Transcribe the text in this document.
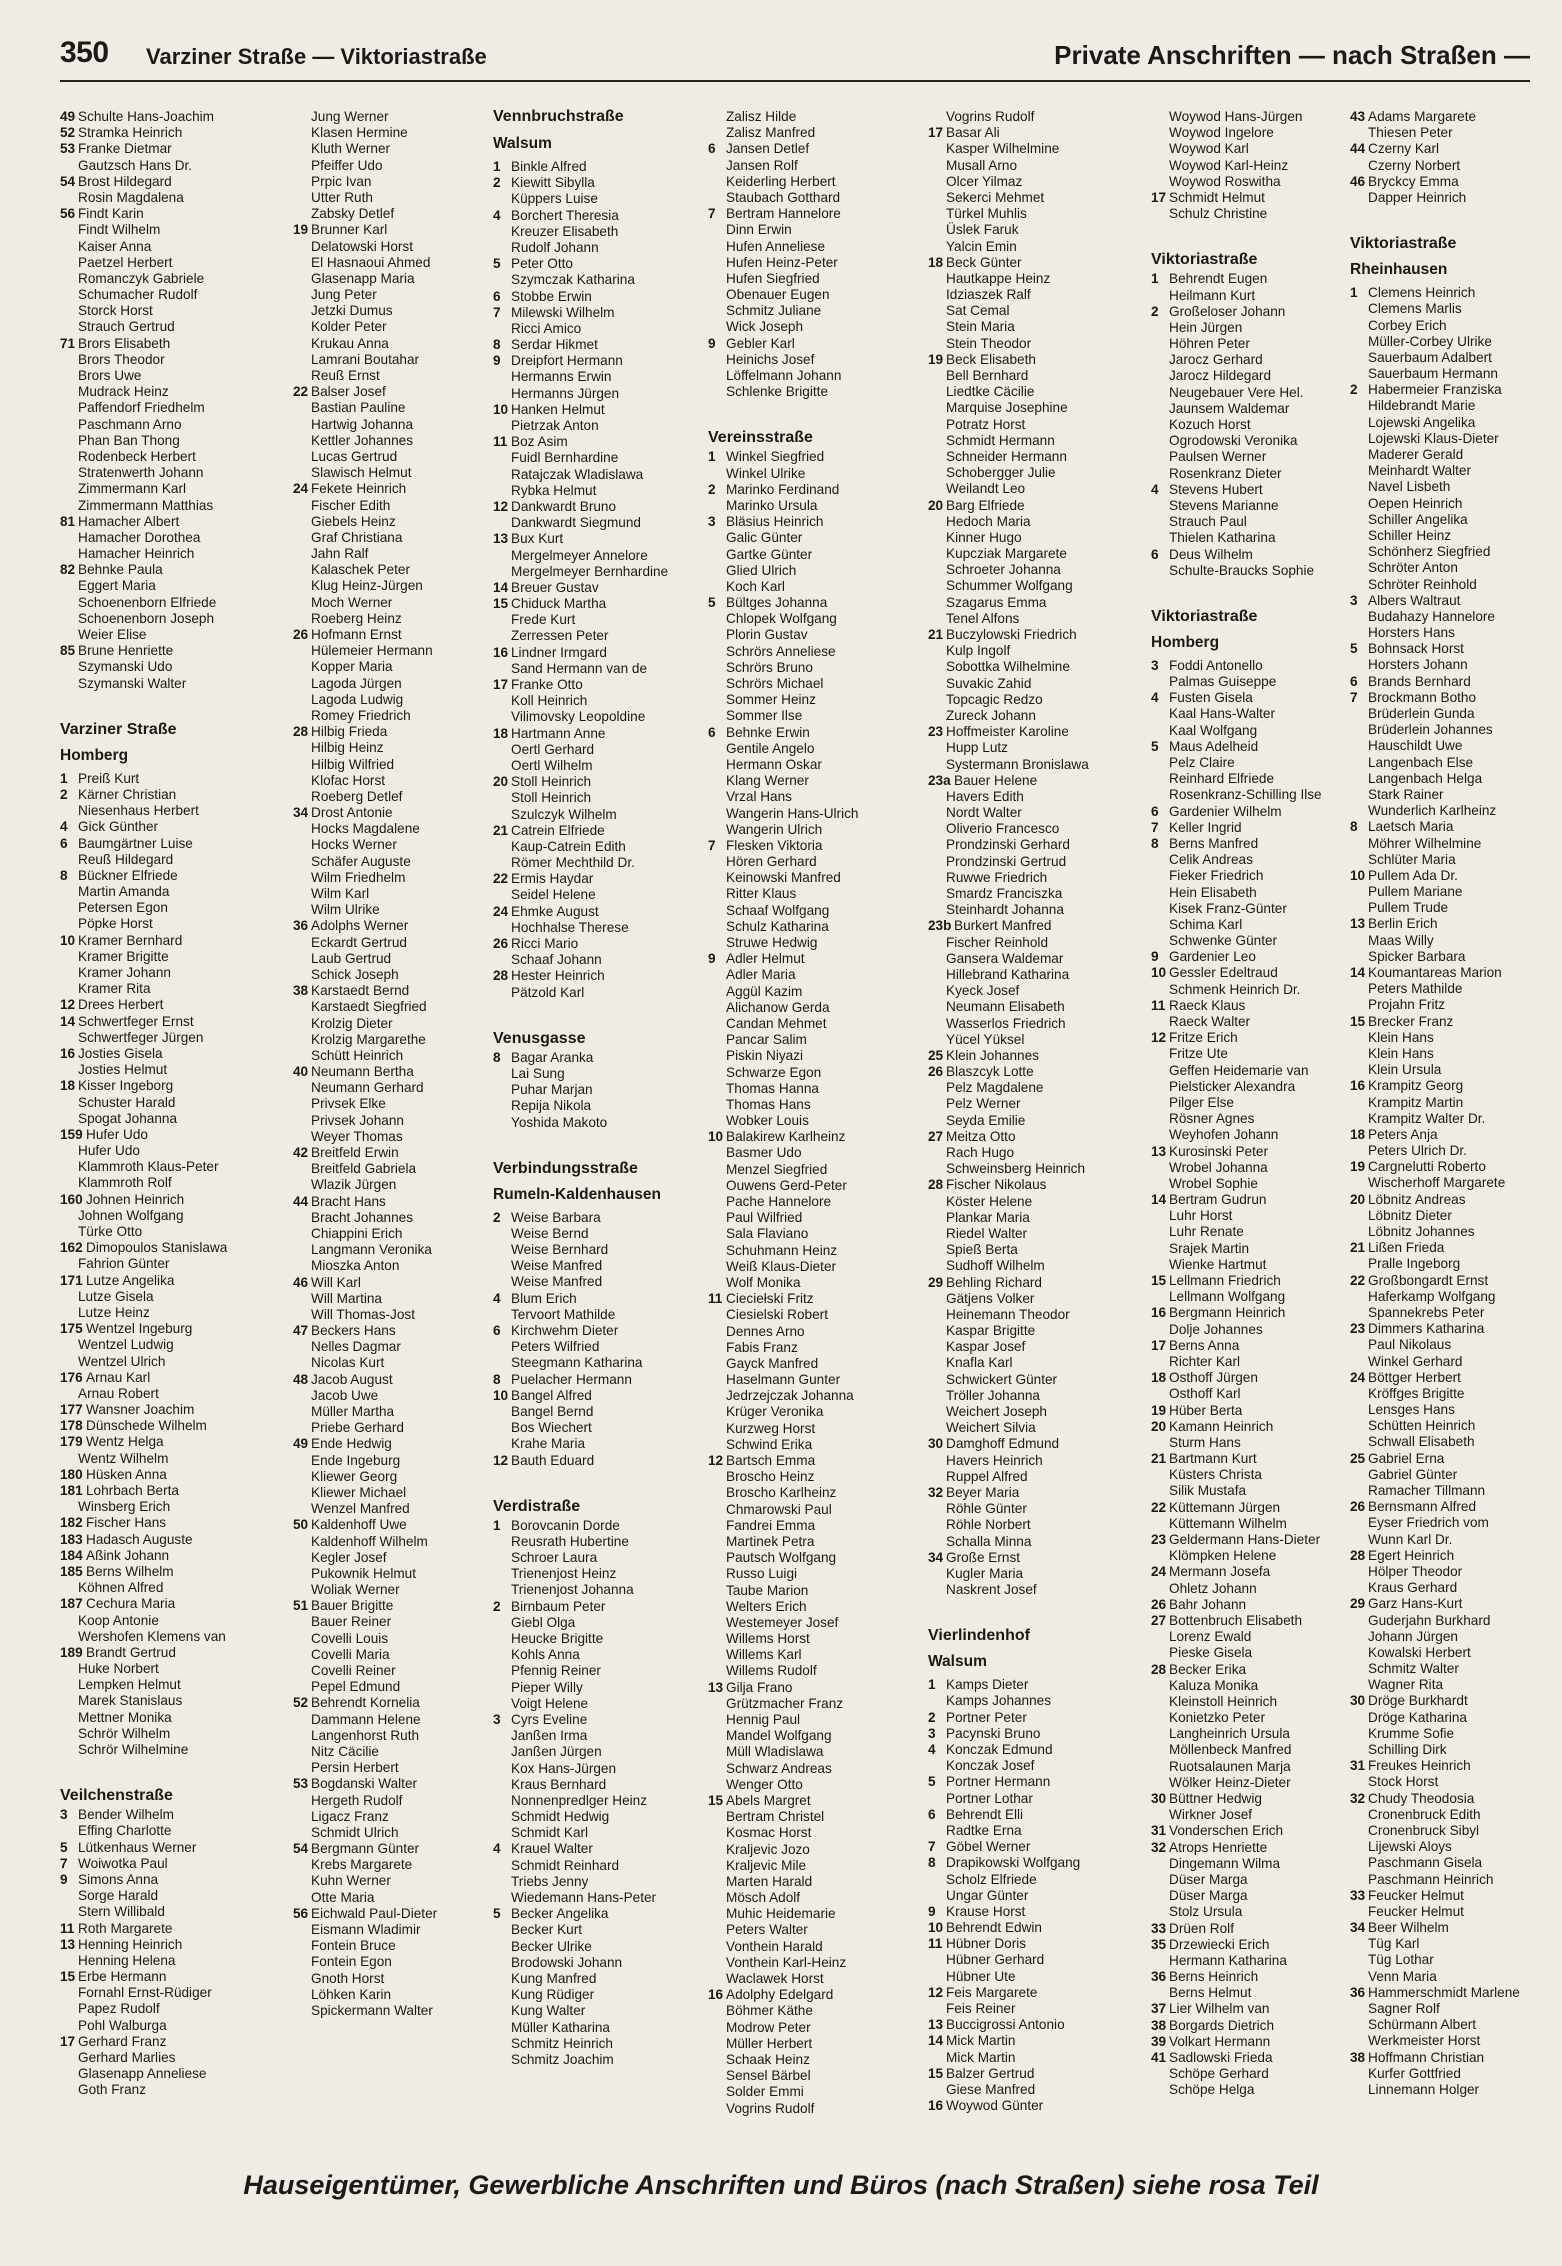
350 Varziner Straße — Viktoriastraße	Private Anschriften — nach Straßen —
49 Schulte Hans-Joachim
52 Stramka Heinrich
53 Franke Dietmar
Gautzsch Hans Dr.
54 Brost Hildegard
Rosin Magdalena
56 Findt Karin
Findt Wilhelm
Kaiser Anna
Paetzel Herbert
Romanczyk Gabriele
Schumacher Rudolf
Storck Horst
Strauch Gertrud
71 Brors Elisabeth
Brors Theodor
Brors Uwe
Mudrack Heinz
Paffendorf Friedhelm
Paschmann Arno
Phan Ban Thong
Rodenbeck Herbert
Stratenwerth Johann
Zimmermann Karl
Zimmermann Matthias
81 Hamacher Albert
Hamacher Dorothea
Hamacher Heinrich
82 Behnke Paula
Eggert Maria
Schoenenborn Elfriede
Schoenenborn Joseph
Weier Elise
85 Brune Henriette
Szymanski Udo
Szymanski Walter
Varziner Straße
Homberg
1 Preiß Kurt
2 Kärner Christian
Niesenhaus Herbert
4 Gick Günther
6 Baumgärtner Luise
Reuß Hildegard
8 Bückner Elfriede
Martin Amanda
Petersen Egon
Pöpke Horst
10 Kramer Bernhard
Kramer Brigitte
Kramer Johann
Kramer Rita
12 Drees Herbert
14 Schwertfeger Ernst
Schwertfeger Jürgen
16 Josties Gisela
Josties Helmut
18 Kisser Ingeborg
Schuster Harald
Spogat Johanna
159 Hufer Udo
Hufer Udo
Klammroth Klaus-Peter
Klammroth Rolf
160 Johnen Heinrich
Johnen Wolfgang
Türke Otto
162 Dimopoulos Stanislawa
Fahrion Günter
171 Lutze Angelika
Lutze Gisela
Lutze Heinz
175 Wentzel Ingeburg
Wentzel Ludwig
Wentzel Ulrich
176 Arnau Karl
Arnau Robert
177 Wansner Joachim
178 Dünschede Wilhelm
179 Wentz Helga
Wentz Wilhelm
180 Hüsken Anna
181 Lohrbach Berta
Winsberg Erich
182 Fischer Hans
183 Hadasch Auguste
184 Aßink Johann
185 Berns Wilhelm
Köhnen Alfred
187 Cechura Maria
Koop Antonie
Wershofen Klemens van
189 Brandt Gertrud
Huke Norbert
Lempken Helmut
Marek Stanislaus
Mettner Monika
Schrör Wilhelm
Schrör Wilhelmine
Veilchenstraße
3 Bender Wilhelm
Effing Charlotte
5 Lütkenhaus Werner
7 Woiwotka Paul
9 Simons Anna
Sorge Harald
Stern Willibald
11 Roth Margarete
13 Henning Heinrich
Henning Helena
15 Erbe Hermann
Fornahl Ernst-Rüdiger
Papez Rudolf
Pohl Walburga
17 Gerhard Franz
Gerhard Marlies
Glasenapp Anneliese
Goth Franz
Jung Werner
Klasen Hermine
Kluth Werner
Pfeiffer Udo
Prpic Ivan
Utter Ruth
Zabsky Detlef
19 Brunner Karl
Delatowski Horst
El Hasnaoui Ahmed
Glasenapp Maria
Jung Peter
Jetzki Dumus
Kolder Peter
Krukau Anna
Lamrani Boutahar
Reuß Ernst
22 Balser Josef
Bastian Pauline
Hartwig Johanna
Kettler Johannes
Lucas Gertrud
Slawisch Helmut
24 Fekete Heinrich
Fischer Edith
Giebels Heinz
Graf Christiana
Jahn Ralf
Kalaschek Peter
Klug Heinz-Jürgen
Moch Werner
Roeberg Heinz
26 Hofmann Ernst
Hülemeier Hermann
Kopper Maria
Lagoda Jürgen
Lagoda Ludwig
Romey Friedrich
28 Hilbig Frieda
Hilbig Heinz
Hilbig Wilfried
Klofac Horst
Roeberg Detlef
34 Drost Antonie
Hocks Magdalene
Hocks Werner
Schäfer Auguste
Wilm Friedhelm
Wilm Karl
Wilm Ulrike
36 Adolphs Werner
Eckardt Gertrud
Laub Gertrud
Schick Joseph
38 Karstaedt Bernd
Karstaedt Siegfried
Krolzig Dieter
Krolzig Margarethe
Schütt Heinrich
40 Neumann Bertha
Neumann Gerhard
Privsek Elke
Privsek Johann
Weyer Thomas
42 Breitfeld Erwin
Breitfeld Gabriela
Wlazik Jürgen
44 Bracht Hans
Bracht Johannes
Chiappini Erich
Langmann Veronika
Mioszka Anton
46 Will Karl
Will Martina
Will Thomas-Jost
47 Beckers Hans
Nelles Dagmar
Nicolas Kurt
48 Jacob August
Jacob Uwe
Müller Martha
Priebe Gerhard
49 Ende Hedwig
Ende Ingeburg
Kliewer Georg
Kliewer Michael
Wenzel Manfred
50 Kaldenhoff Uwe
Kaldenhoff Wilhelm
Kegler Josef
Pukownik Helmut
Woliak Werner
51 Bauer Brigitte
Bauer Reiner
Covelli Louis
Covelli Maria
Covelli Reiner
Pepel Edmund
52 Behrendt Kornelia
Dammann Helene
Langenhorst Ruth
Nitz Cäcilie
Persin Herbert
53 Bogdanski Walter
Hergeth Rudolf
Ligacz Franz
Schmidt Ulrich
54 Bergmann Günter
Krebs Margarete
Kuhn Werner
Otte Maria
56 Eichwald Paul-Dieter
Eismann Wladimir
Fontein Bruce
Fontein Egon
Gnoth Horst
Löhken Karin
Spickermann Walter
Vennbruchstraße
Walsum
1 Binkle Alfred
2 Kiewitt Sibylla
Küppers Luise
4 Borchert Theresia
Kreuzer Elisabeth
Rudolf Johann
5 Peter Otto
Szymczak Katharina
6 Stobbe Erwin
7 Milewski Wilhelm
Ricci Amico
8 Serdar Hikmet
9 Dreipfort Hermann
Hermanns Erwin
Hermanns Jürgen
10 Hanken Helmut
Pietrzak Anton
11 Boz Asim
Fuidl Bernhardine
Ratajczak Wladislawa
Rybka Helmut
12 Dankwardt Bruno
Dankwardt Siegmund
13 Bux Kurt
Mergelmeyer Annelore
Mergelmeyer Bernhardine
14 Breuer Gustav
15 Chiduck Martha
Frede Kurt
Zerressen Peter
16 Lindner Irmgard
Sand Hermann van de
17 Franke Otto
Koll Heinrich
Vilimovsky Leopoldine
18 Hartmann Anne
Oertl Gerhard
Oertl Wilhelm
20 Stoll Heinrich
Stoll Heinrich
Szulczyk Wilhelm
21 Catrein Elfriede
Kaup-Catrein Edith
Römer Mechthild Dr.
22 Ermis Haydar
Seidel Helene
24 Ehmke August
Hochhalse Therese
26 Ricci Mario
Schaaf Johann
28 Hester Heinrich
Pätzold Karl
Venusgasse
8 Bagar Aranka
Lai Sung
Puhar Marjan
Repija Nikola
Yoshida Makoto
Verbindungsstraße
Rumeln-Kaldenhausen
2 Weise Barbara
Weise Bernd
Weise Bernhard
Weise Manfred
Weise Manfred
4 Blum Erich
Tervoort Mathilde
6 Kirchwehm Dieter
Peters Wilfried
Steegmann Katharina
8 Puelacher Hermann
10 Bangel Alfred
Bangel Bernd
Bos Wiechert
Krahe Maria
12 Bauth Eduard
Verdistraße
1 Borovcanin Dorde
Reusrath Hubertine
Schroer Laura
Trienenjost Heinz
Trienenjost Johanna
2 Birnbaum Peter
Giebl Olga
Heucke Brigitte
Kohls Anna
Pfennig Reiner
Pieper Willy
Voigt Helene
3 Cyrs Eveline
Janßen Irma
Janßen Jürgen
Kox Hans-Jürgen
Kraus Bernhard
Nonnenpredlger Heinz
Schmidt Hedwig
Schmidt Karl
4 Krauel Walter
Schmidt Reinhard
Triebs Jenny
Wiedemann Hans-Peter
5 Becker Angelika
Becker Kurt
Becker Ulrike
Brodowski Johann
Kung Manfred
Kung Rüdiger
Kung Walter
Müller Katharina
Schmitz Heinrich
Schmitz Joachim
Zalisz Hilde
Zalisz Manfred
6 Jansen Detlef
Jansen Rolf
Keiderling Herbert
Staubach Gotthard
7 Bertram Hannelore
Dinn Erwin
Hufen Anneliese
Hufen Heinz-Peter
Hufen Siegfried
Obenauer Eugen
Schmitz Juliane
Wick Joseph
9 Gebler Karl
Heinichs Josef
Löffelmann Johann
Schlenke Brigitte
Vereinsstraße
1 Winkel Siegfried
Winkel Ulrike
2 Marinko Ferdinand
Marinko Ursula
3 Bläsius Heinrich
Galic Günter
Gartke Günter
Glied Ulrich
Koch Karl
5 Bültges Johanna
Chlopek Wolfgang
Plorin Gustav
Schrörs Anneliese
Schrörs Bruno
Schrörs Michael
Sommer Heinz
Sommer Ilse
6 Behnke Erwin
Gentile Angelo
Hermann Oskar
Klang Werner
Vrzal Hans
Wangerin Hans-Ulrich
Wangerin Ulrich
7 Flesken Viktoria
Hören Gerhard
Keinowski Manfred
Ritter Klaus
Schaaf Wolfgang
Schulz Katharina
Struwe Hedwig
9 Adler Helmut
Adler Maria
Aggül Kazim
Alichanow Gerda
Candan Mehmet
Pancar Salim
Piskin Niyazi
Schwarze Egon
Thomas Hanna
Thomas Hans
Wobker Louis
10 Balakirew Karlheinz
Basmer Udo
Menzel Siegfried
Ouwens Gerd-Peter
Pache Hannelore
Paul Wilfried
Sala Flaviano
Schuhmann Heinz
Weiß Klaus-Dieter
Wolf Monika
11 Cieciełski Fritz
Ciesielski Robert
Dennes Arno
Fabis Franz
Gayck Manfred
Haselmann Gunter
Jedrzejczak Johanna
Krüger Veronika
Kurzweg Horst
Schwind Erika
12 Bartsch Emma
Broscho Heinz
Broscho Karlheinz
Chmarowski Paul
Fandrei Emma
Martinek Petra
Pautsch Wolfgang
Russo Luigi
Taube Marion
Welters Erich
Westemeyer Josef
Willems Horst
Willems Karl
Willems Rudolf
13 Gilja Frano
Grützmacher Franz
Hennig Paul
Mandel Wolfgang
Müll Wladislawa
Schwarz Andreas
Wenger Otto
15 Abels Margret
Bertram Christel
Kosmac Horst
Kraljevic Jozo
Kraljevic Mile
Marten Harald
Mösch Adolf
Muhic Heidemarie
Peters Walter
Vonthein Harald
Vonthein Karl-Heinz
Waclawek Horst
16 Adolphy Edelgard
Böhmer Käthe
Modrow Peter
Müller Herbert
Schaak Heinz
Sensel Bärbel
Solder Emmi
Vogrins Rudolf
Vogrins Rudolf
17 Basar Ali
Kasper Wilhelmine
Musall Arno
Olcer Yilmaz
Sekerci Mehmet
Türkel Muhlis
Üslek Faruk
Yalcin Emin
18 Beck Günter
Hautkappe Heinz
Idziaszek Ralf
Sat Cemal
Stein Maria
Stein Theodor
19 Beck Elisabeth
Bell Bernhard
Liedtke Cäcilie
Marquise Josephine
Potratz Horst
Schmidt Hermann
Schneider Hermann
Schobergger Julie
Weilandt Leo
20 Barg Elfriede
Hedoch Maria
Kinner Hugo
Kupcziak Margarete
Schroeter Johanna
Schummer Wolfgang
Szagarus Emma
Tenel Alfons
21 Buczylowski Friedrich
Kulp Ingolf
Sobottka Wilhelmine
Suvakic Zahid
Topcagic Redzo
Zureck Johann
23 Hoffmeister Karoline
Hupp Lutz
Systermann Bronislawa
23a Bauer Helene
Havers Edith
Nordt Walter
Oliverio Francesco
Prondzinski Gerhard
Prondzinski Gertrud
Ruwwe Friedrich
Smardz Franciszka
Steinhardt Johanna
23b Burkert Manfred
Fischer Reinhold
Gansera Waldemar
Hillebrand Katharina
Kyeck Josef
Neumann Elisabeth
Wasserlos Friedrich
Yücel Yüksel
25 Klein Johannes
26 Blaszcyk Lotte
Pelz Magdalene
Pelz Werner
Seyda Emilie
27 Meitza Otto
Rach Hugo
Schweinsberg Heinrich
28 Fischer Nikolaus
Köster Helene
Plankar Maria
Riedel Walter
Spieß Berta
Sudhoff Wilhelm
29 Behling Richard
Gätjens Volker
Heinemann Theodor
Kaspar Brigitte
Kaspar Josef
Knafla Karl
Schwickert Günter
Tröller Johanna
Weichert Joseph
Weichert Silvia
30 Damghoff Edmund
Havers Heinrich
Ruppel Alfred
32 Beyer Maria
Röhle Günter
Röhle Norbert
Schalla Minna
34 Große Ernst
Kugler Maria
Naskrent Josef
Vierlindenhof
Walsum
1 Kamps Dieter
Kamps Johannes
2 Portner Peter
3 Pacynski Bruno
4 Konczak Edmund
Konczak Josef
5 Portner Hermann
Portner Lothar
6 Behrendt Elli
Radtke Erna
7 Göbel Werner
8 Drapikowski Wolfgang
Scholz Elfriede
Ungar Günter
9 Krause Horst
10 Behrendt Edwin
11 Hübner Doris
Hübner Gerhard
Hübner Ute
12 Feis Margarete
Feis Reiner
13 Buccigrossi Antonio
14 Mick Martin
Mick Martin
15 Balzer Gertrud
Giese Manfred
16 Woywod Günter
Woywod Hans-Jürgen
Woywod Ingelore
Woywod Karl
Woywod Karl-Heinz
Woywod Roswitha
17 Schmidt Helmut
Schulz Christine
Viktoriastraße
1 Behrendt Eugen
Heilmann Kurt
2 Großeloser Johann
Hein Jürgen
Höhren Peter
Jarocz Gerhard
Jarocz Hildegard
Neugebauer Vere Hel.
Jaunsem Waldemar
Kozuch Horst
Ogrodowski Veronika
Paulsen Werner
Rosenkranz Dieter
4 Stevens Hubert
Stevens Marianne
Strauch Paul
Thielen Katharina
6 Deus Wilhelm
Schulte-Braucks Sophie
Viktoriastraße
Homberg
3 Foddi Antonello
Palmas Guiseppe
4 Fusten Gisela
Kaal Hans-Walter
Kaal Wolfgang
5 Maus Adelheid
Pelz Claire
Reinhard Elfriede
Rosenkranz-Schilling Ilse
6 Gardenier Wilhelm
7 Keller Ingrid
8 Berns Manfred
Celik Andreas
Fieker Friedrich
Hein Elisabeth
Kisek Franz-Günter
Schima Karl
Schwenke Günter
9 Gardenier Leo
10 Gessler Edeltraud
Schmenk Heinrich Dr.
11 Raeck Klaus
Raeck Walter
12 Fritze Erich
Fritze Ute
Geffen Heidemarie van
Pielsticker Alexandra
Pilger Else
Rösner Agnes
Weyhofen Johann
13 Kurosinski Peter
Wrobel Johanna
Wrobel Sophie
14 Bertram Gudrun
Luhr Horst
Luhr Renate
Srajek Martin
Wienke Hartmut
15 Lellmann Friedrich
Lellmann Wolfgang
16 Bergmann Heinrich
Dolje Johannes
17 Berns Anna
Richter Karl
18 Osthoff Jürgen
Osthoff Karl
19 Hüber Berta
20 Kamann Heinrich
Sturm Hans
21 Bartmann Kurt
Küsters Christa
Silik Mustafa
22 Küttemann Jürgen
Küttemann Wilhelm
23 Geldermann Hans-Dieter
Klömpken Helene
24 Mermann Josefa
Ohletz Johann
26 Bahr Johann
27 Bottenbruch Elisabeth
Lorenz Ewald
Pieske Gisela
28 Becker Erika
Kaluza Monika
Kleinstoll Heinrich
Konietzko Peter
Langheinrich Ursula
Möllenbeck Manfred
Ruotsalaunen Marja
Wölker Heinz-Dieter
30 Büttner Hedwig
Wirkner Josef
31 Vonderschen Erich
32 Atrops Henriette
Dingemann Wilma
Düser Marga
Düser Marga
Stolz Ursula
33 Drüen Rolf
35 Drzewiecki Erich
Hermann Katharina
36 Berns Heinrich
Berns Helmut
37 Lier Wilhelm van
38 Borgards Dietrich
39 Volkart Hermann
41 Sadlowski Frieda
Schöpe Gerhard
Schöpe Helga
43 Adams Margarete
Thiesen Peter
44 Czerny Karl
Czerny Norbert
46 Bryckcy Emma
Dapper Heinrich
Viktoriastraße
Rheinhausen
1 Clemens Heinrich
Clemens Marlis
Corbey Erich
Müller-Corbey Ulrike
Sauerbaum Adalbert
Sauerbaum Hermann
2 Habermeier Franziska
Hildebrandt Marie
Lojewski Angelika
Lojewski Klaus-Dieter
Maderer Gerald
Meinhardt Walter
Navel Lisbeth
Oepen Heinrich
Schiller Angelika
Schiller Heinz
Schönherz Siegfried
Schröter Anton
Schröter Reinhold
3 Albers Waltraut
Budahazy Hannelore
Horsters Hans
5 Bohnsack Horst
Horsters Johann
6 Brands Bernhard
7 Brockmann Botho
Brüderlein Gunda
Brüderlein Johannes
Hauschildt Uwe
Langenbach Else
Langenbach Helga
Stark Rainer
Wunderlich Karlheinz
8 Laetsch Maria
Möhrer Wilhelmine
Schlüter Maria
10 Pullem Ada Dr.
Pullem Mariane
Pullem Trude
13 Berlin Erich
Maas Willy
Spicker Barbara
14 Koumantareas Marion
Peters Mathilde
Projahn Fritz
15 Brecker Franz
Klein Hans
Klein Hans
Klein Ursula
16 Krampitz Georg
Krampitz Martin
Krampitz Walter Dr.
18 Peters Anja
Peters Ulrich Dr.
19 Cargnelutti Roberto
Wischerhoff Margarete
20 Löbnitz Andreas
Löbnitz Dieter
Löbnitz Johannes
21 Lißen Frieda
Pralle Ingeborg
22 Großbongardt Ernst
Haferkamp Wolfgang
Spannekrebs Peter
23 Dimmers Katharina
Paul Nikolaus
Winkel Gerhard
24 Böttger Herbert
Kröffges Brigitte
Lensges Hans
Schütten Heinrich
Schwall Elisabeth
25 Gabriel Erna
Gabriel Günter
Ramacher Tillmann
26 Bernsmann Alfred
Eyser Friedrich vom
Wunn Karl Dr.
28 Egert Heinrich
Hölper Theodor
Kraus Gerhard
29 Garz Hans-Kurt
Guderjahn Burkhard
Johann Jürgen
Kowalski Herbert
Schmitz Walter
Wagner Rita
30 Dröge Burkhardt
Dröge Katharina
Krumme Sofie
Schilling Dirk
31 Freukes Heinrich
Stock Horst
32 Chudy Theodosia
Cronenbruck Edith
Cronenbruck Sibyl
Lijewski Aloys
Paschmann Gisela
Paschmann Heinrich
33 Feucker Helmut
Feucker Helmut
34 Beer Wilhelm
Tüg Karl
Tüg Lothar
Venn Maria
36 Hammerschmidt Marlene
Sagner Rolf
Schürmann Albert
Werkmeister Horst
38 Hoffmann Christian
Kurfer Gottfried
Linnemann Holger
Hauseigentümer, Gewerbliche Anschriften und Büros (nach Straßen) siehe rosa Teil
